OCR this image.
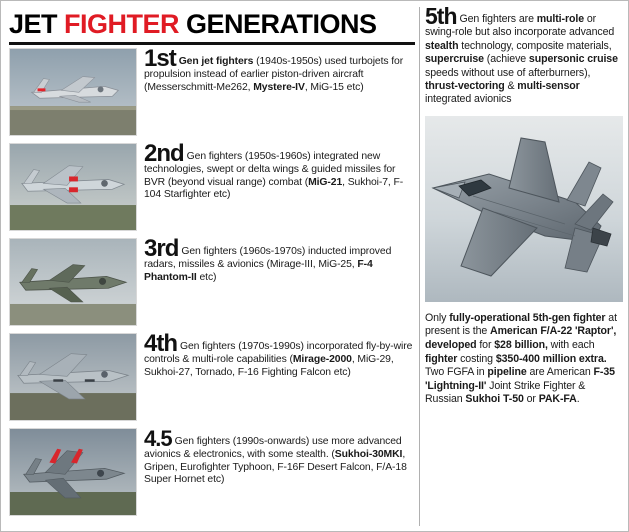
JET FIGHTER GENERATIONS
1st Gen jet fighters (1940s-1950s) used turbojets for propulsion instead of earlier piston-driven aircraft (Messerschmitt-Me262, Mystere-IV, MiG-15 etc)
2nd Gen fighters (1950s-1960s) integrated new technologies, swept or delta wings & guided missiles for BVR (beyond visual range) combat (MiG-21, Sukhoi-7, F-104 Starfighter etc)
3rd Gen fighters (1960s-1970s) inducted improved radars, missiles & avionics (Mirage-III, MiG-25, F-4 Phantom-II etc)
4th Gen fighters (1970s-1990s) incorporated fly-by-wire controls & multi-role capabilities (Mirage-2000, MiG-29, Sukhoi-27, Tornado, F-16 Fighting Falcon etc)
4.5 Gen fighters (1990s-onwards) use more advanced avionics & electronics, with some stealth. (Sukhoi-30MKI, Gripen, Eurofighter Typhoon, F-16F Desert Falcon, F/A-18 Super Hornet etc)
5th Gen fighters are multi-role or swing-role but also incorporate advanced stealth technology, composite materials, supercruise (achieve supersonic cruise speeds without use of afterburners), thrust-vectoring & multi-sensor integrated avionics
Only fully-operational 5th-gen fighter at present is the American F/A-22 'Raptor', developed for $28 billion, with each fighter costing $350-400 million extra. Two FGFA in pipeline are American F-35 'Lightning-II' Joint Strike Fighter & Russian Sukhoi T-50 or PAK-FA.
